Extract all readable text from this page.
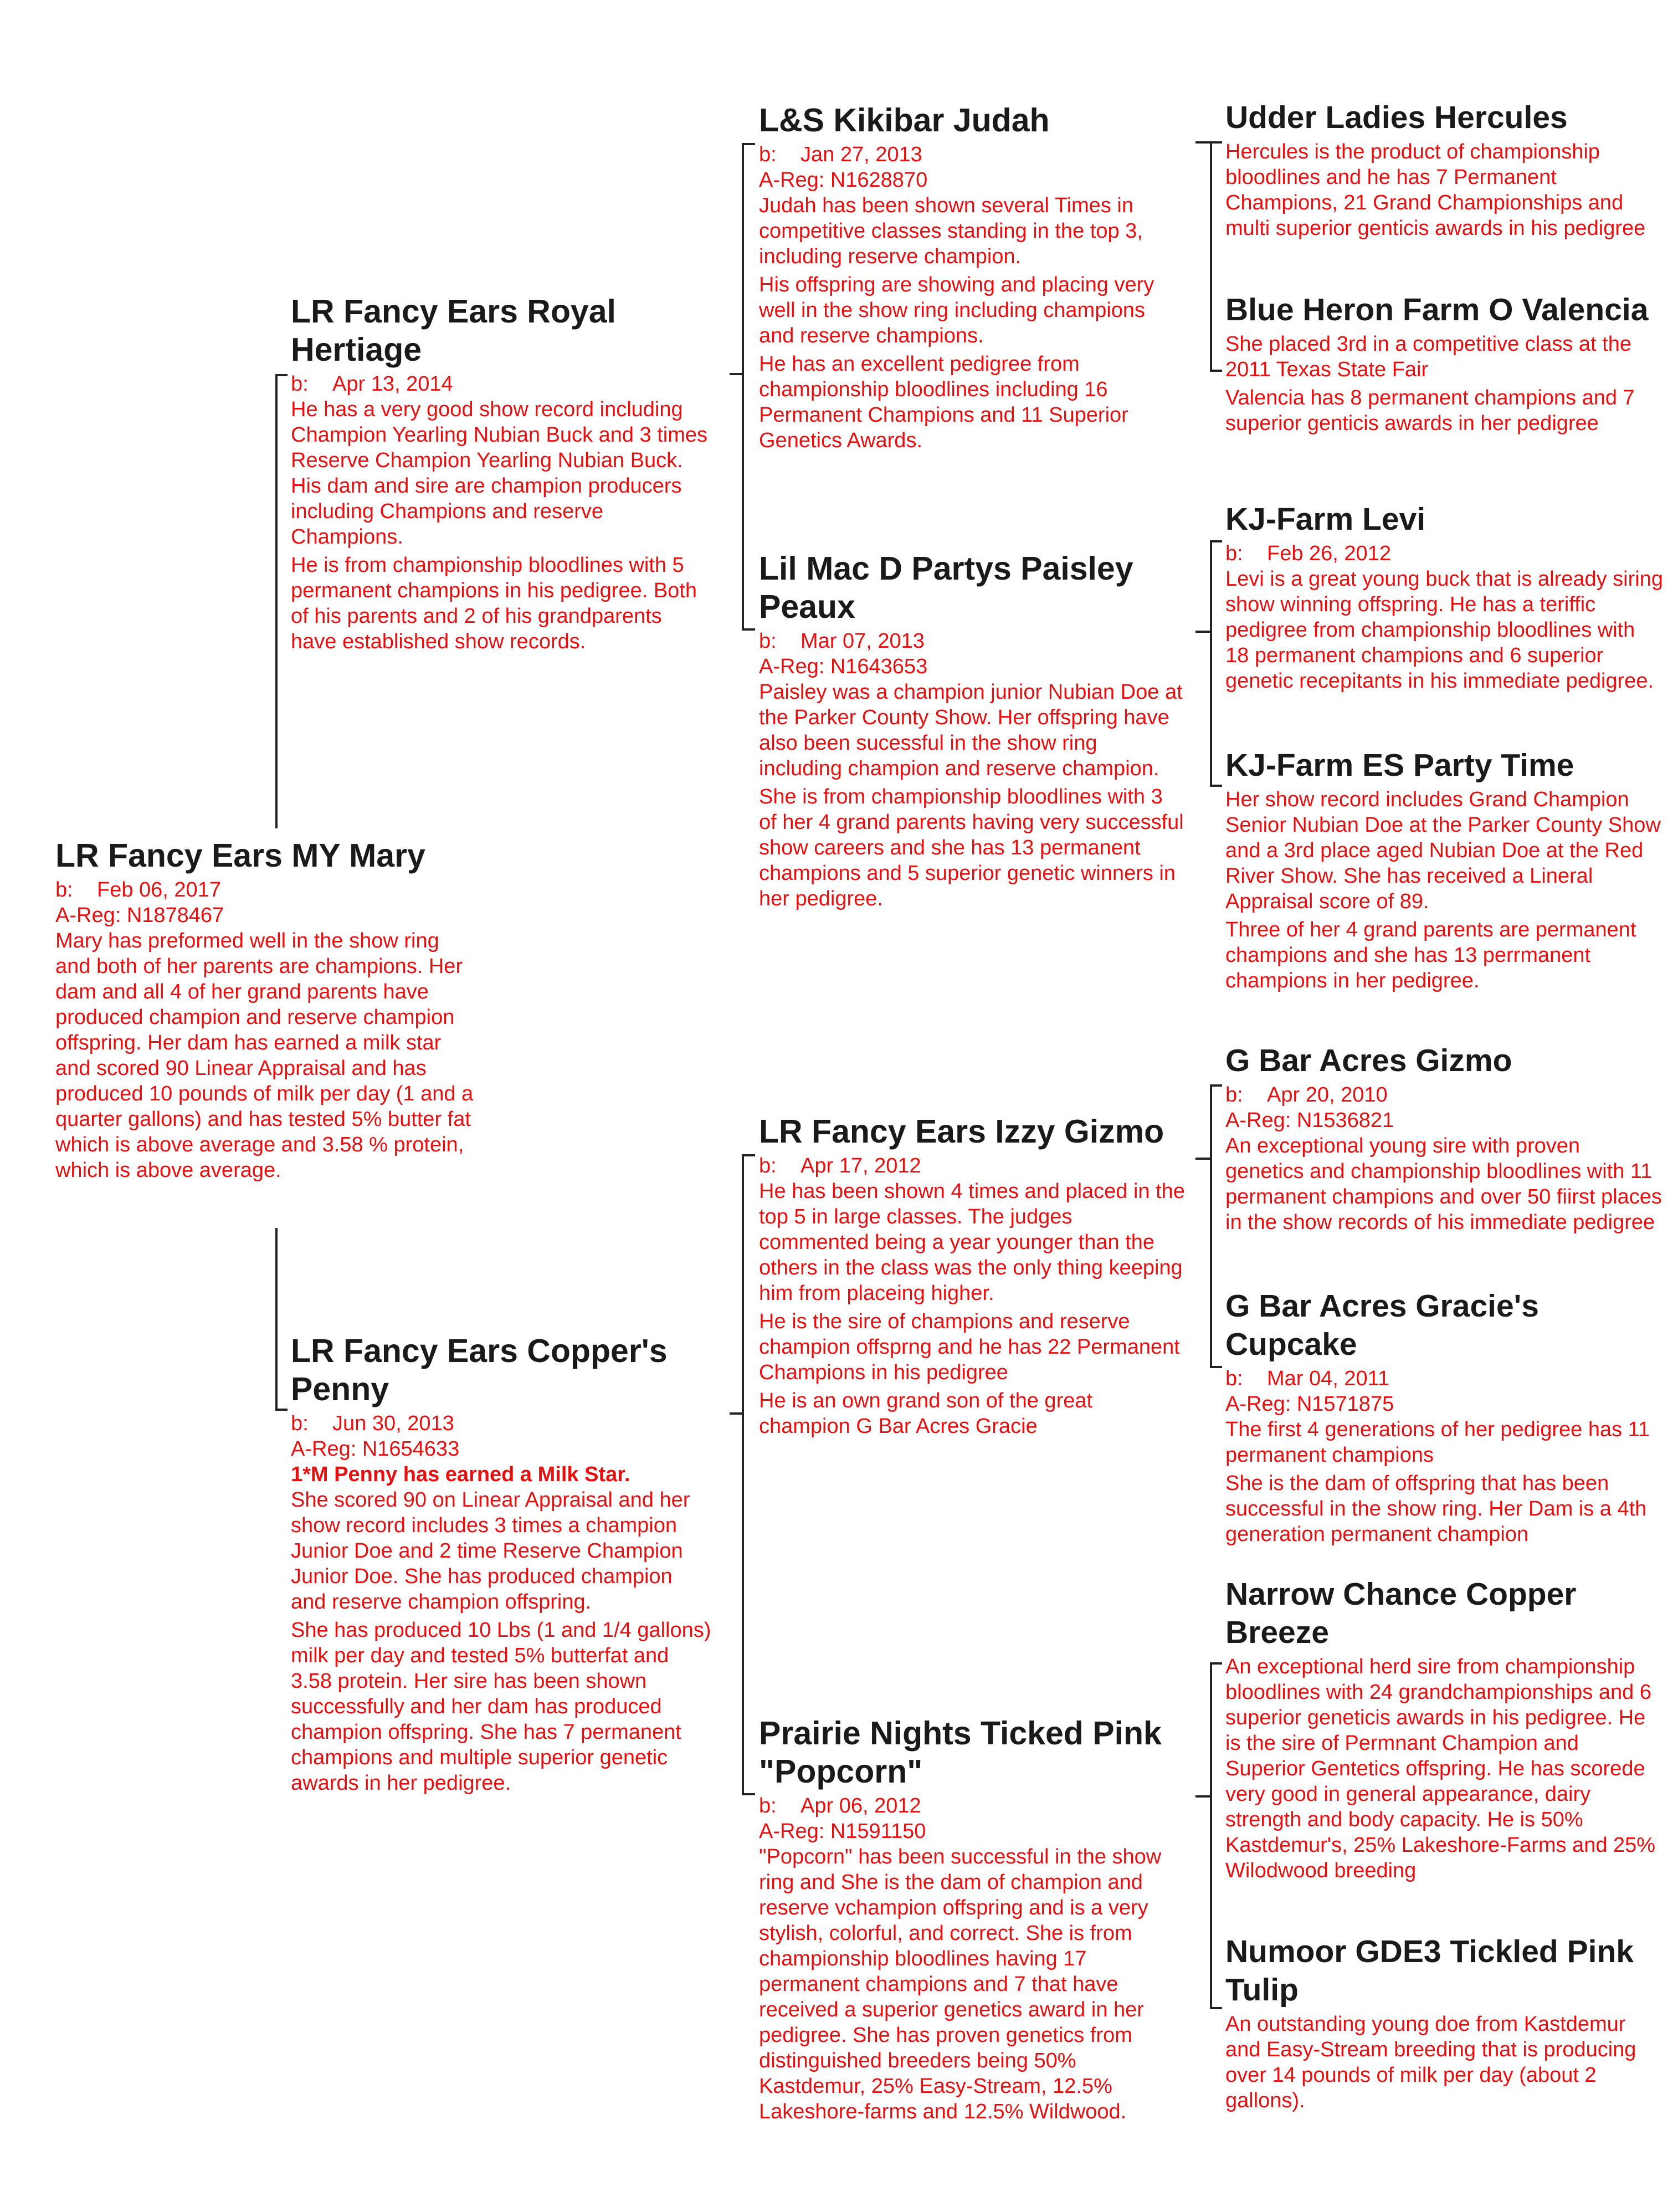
LR Fancy Ears MY Mary

b: Feb 06, 2017

A-Reg: N1878467

Mary has preformed well in the show ring and both of her parents are champions. Her dam and all 4 of her grand parents have produced champion and reserve champion offspring. Her dam has earned a milk star and scored 90 Linear Appraisal and has produced 10 pounds of milk per day (1 and a quarter gallons) and has tested 5% butter fat which is above average and 3.58 % protein, which is above average.

LR Fancy Ears Royal Hertiage

b: Apr 13, 2014

He has a very good show record including Champion Yearling Nubian Buck and 3 times Reserve Champion Yearling Nubian Buck. His dam and sire are champion producers including Champions and reserve Champions.

He is from championship bloodlines with 5 permanent champions in his pedigree. Both of his parents and 2 of his grandparents have established show records.

LR Fancy Ears Copper's Penny

b: Jun 30, 2013

A-Reg: N1654633

1*M Penny has earned a Milk Star.

She scored 90 on Linear Appraisal and her show record includes 3 times a champion Junior Doe and 2 time Reserve Champion Junior Doe. She has produced champion and reserve champion offspring.

She has produced 10 Lbs (1 and 1/4 gallons) milk per day and tested 5% butterfat and 3.58 protein. Her sire has been shown successfully and her dam has produced champion offspring. She has 7 permanent champions and multiple superior genetic awards in her pedigree.

L&S Kikibar Judah

b: Jan 27, 2013

A-Reg: N1628870

Judah has been shown several Times in competitive classes standing in the top 3, including reserve champion.

His offspring are showing and placing very well in the show ring including champions and reserve champions.

He has an excellent pedigree from championship bloodlines including 16 Permanent Champions and 11 Superior Genetics Awards.

Lil Mac D Partys Paisley Peaux

b: Mar 07, 2013

A-Reg: N1643653

Paisley was a champion junior Nubian Doe at the Parker County Show. Her offspring have also been sucessful in the show ring including champion and reserve champion.

She is from championship bloodlines with 3 of her 4 grand parents having very successful show careers and she has 13 permanent champions and 5 superior genetic winners in her pedigree.

LR Fancy Ears Izzy Gizmo

b: Apr 17, 2012

He has been shown 4 times and placed in the top 5 in large classes. The judges commented being a year younger than the others in the class was the only thing keeping him from placeing higher.

He is the sire of champions and reserve champion offsprng and he has 22 Permanent Champions in his pedigree

He is an own grand son of the great champion G Bar Acres Gracie

Prairie Nights Ticked Pink "Popcorn"

b: Apr 06, 2012

A-Reg: N1591150

"Popcorn" has been successful in the show ring and She is the dam of champion and reserve vchampion offspring and is a very stylish, colorful, and correct. She is from championship bloodlines having 17 permanent champions and 7 that have received a superior genetics award in her pedigree. She has proven genetics from distinguished breeders being 50% Kastdemur, 25% Easy-Stream, 12.5% Lakeshore-farms and 12.5% Wildwood.

Udder Ladies Hercules

Hercules is the product of championship bloodlines and he has 7 Permanent Champions, 21 Grand Championships and multi superior genticis awards in his pedigree

Blue Heron Farm O Valencia

She placed 3rd in a competitive class at the 2011 Texas State Fair

Valencia has 8 permanent champions and 7 superior genticis awards in her pedigree

KJ-Farm Levi

b: Feb 26, 2012

Levi is a great young buck that is already siring show winning offspring. He has a teriffic pedigree from championship bloodlines with 18 permanent champions and 6 superior genetic recepitants in his immediate pedigree.

KJ-Farm ES Party Time

Her show record includes Grand Champion Senior Nubian Doe at the Parker County Show and a 3rd place aged Nubian Doe at the Red River Show. She has received a Lineral Appraisal score of 89.

Three of her 4 grand parents are permanent champions and she has 13 perrmanent champions in her pedigree.

G Bar Acres Gizmo

b: Apr 20, 2010

A-Reg: N1536821

An exceptional young sire with proven genetics and championship bloodlines with 11 permanent champions and over 50 fiirst places in the show records of his immediate pedigree

G Bar Acres Gracie's Cupcake

b: Mar 04, 2011

A-Reg: N1571875

The first 4 generations of her pedigree has 11 permanent champions

She is the dam of offspring that has been successful in the show ring. Her Dam is a 4th generation permanent champion

Narrow Chance Copper Breeze

An exceptional herd sire from championship bloodlines with 24 grandchampionships and 6 superior geneticis awards in his pedigree. He is the sire of Permnant Champion and Superior Gentetics offspring. He has scorede very good in general appearance, dairy strength and body capacity. He is 50% Kastdemur's, 25% Lakeshore-Farms and 25% Wilodwood breeding

Numoor GDE3 Tickled Pink Tulip

An outstanding young doe from Kastdemur and Easy-Stream breeding that is producing over 14 pounds of milk per day (about 2 gallons).
